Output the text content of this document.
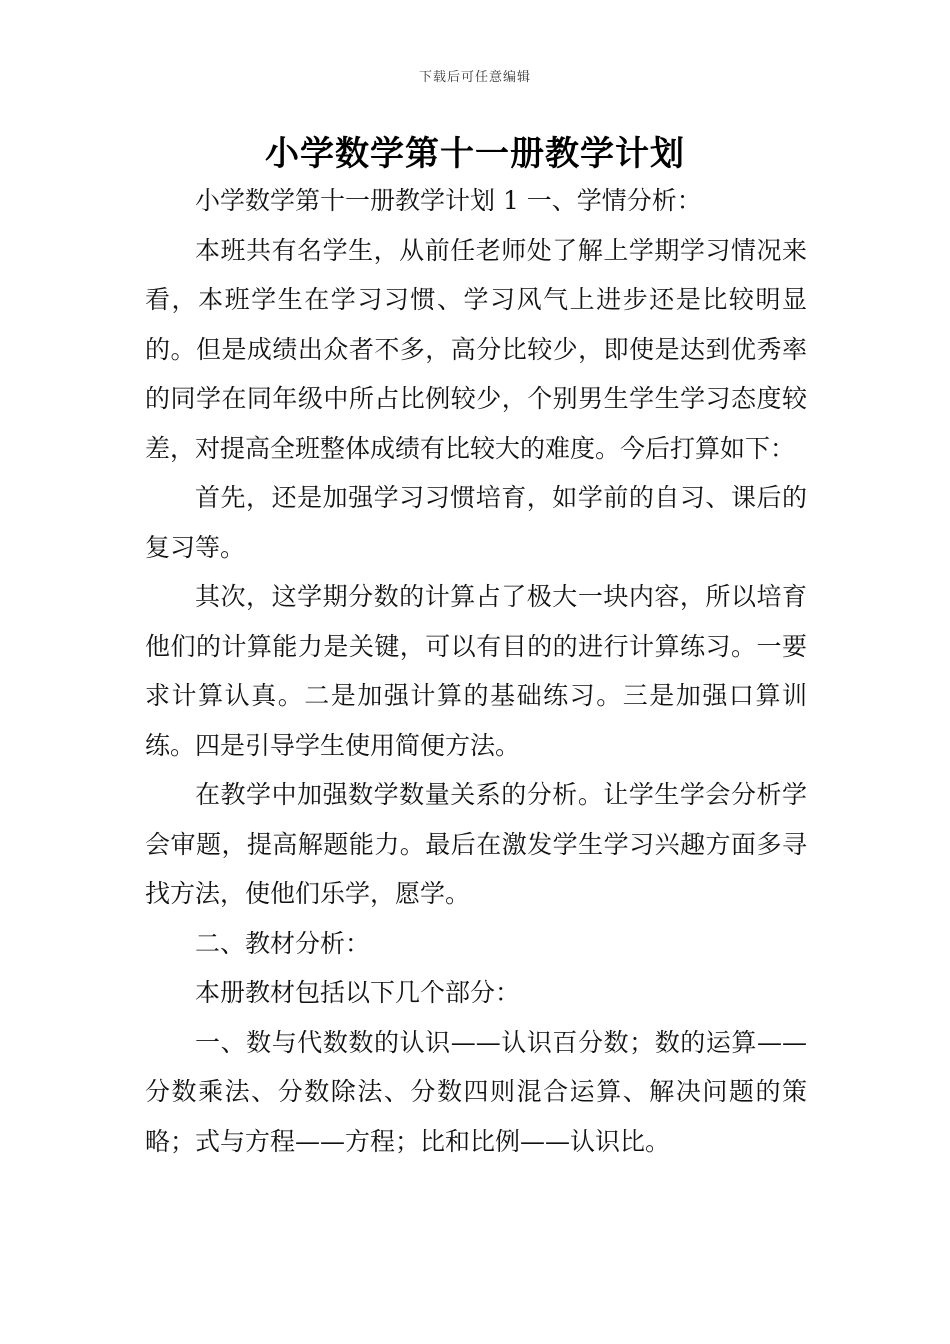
下载后可任意编辑
小学数学第十一册教学计划

小学数学第十一册教学计划 1 一、学情分析：

本班共有名学生，从前任老师处了解上学期学习情况来看，本班学生在学习习惯、学习风气上进步还是比较明显的。但是成绩出众者不多，高分比较少，即使是达到优秀率的同学在同年级中所占比例较少，个别男生学生学习态度较差，对提高全班整体成绩有比较大的难度。今后打算如下：

首先，还是加强学习习惯培育，如学前的自习、课后的复习等。

其次，这学期分数的计算占了极大一块内容，所以培育他们的计算能力是关键，可以有目的的进行计算练习。一要求计算认真。二是加强计算的基础练习。三是加强口算训练。四是引导学生使用简便方法。

在教学中加强数学数量关系的分析。让学生学会分析学会审题，提高解题能力。最后在激发学生学习兴趣方面多寻找方法，使他们乐学，愿学。

二、教材分析：

本册教材包括以下几个部分：

一、数与代数数的认识——认识百分数；数的运算——分数乘法、分数除法、分数四则混合运算、解决问题的策略；式与方程——方程；比和比例——认识比。
